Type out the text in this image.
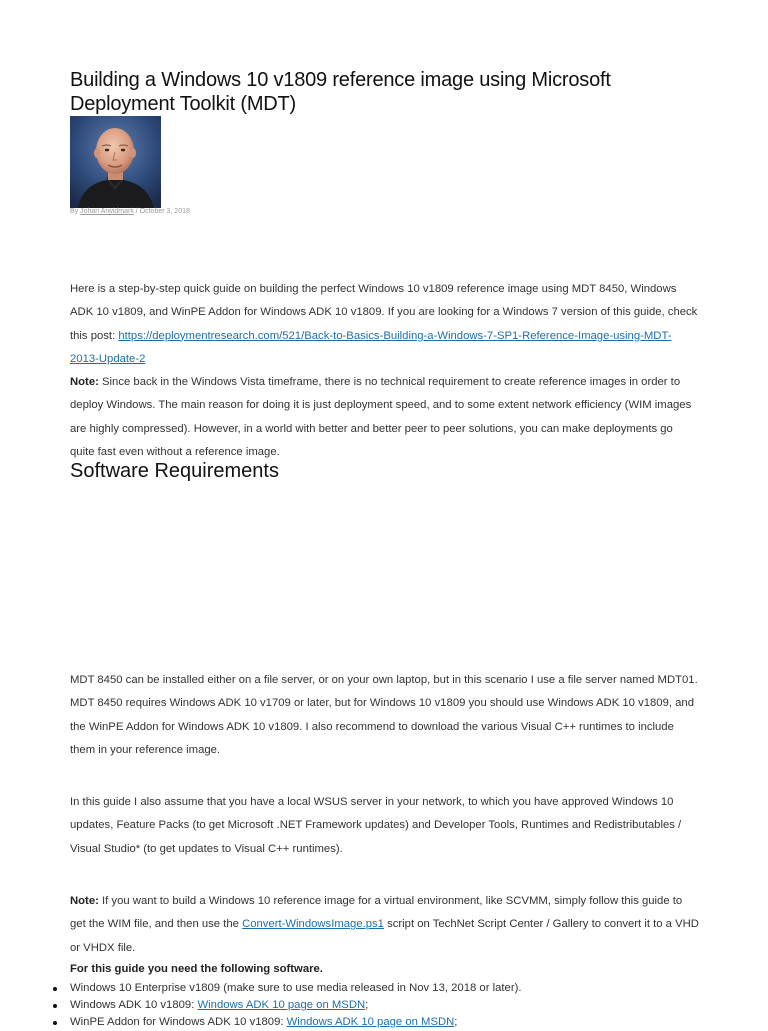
Building a Windows 10 v1809 reference image using Microsoft Deployment Toolkit (MDT)
By Johan Arwidmark / October 3, 2018

Here is a step-by-step quick guide on building the perfect Windows 10 v1809 reference image using MDT 8450, Windows ADK 10 v1809, and WinPE Addon for Windows ADK 10 v1809. If you are looking for a Windows 7 version of this guide, check this post: https://deploymentresearch.com/521/Back-to-Basics-Building-a-Windows-7-SP1-Reference-Image-using-MDT-2013-Update-2

Note: Since back in the Windows Vista timeframe, there is no technical requirement to create reference images in order to deploy Windows. The main reason for doing it is just deployment speed, and to some extent network efficiency (WIM images are highly compressed). However, in a world with better and better peer to peer solutions, you can make deployments go quite fast even without a reference image.

Software Requirements

MDT 8450 can be installed either on a file server, or on your own laptop, but in this scenario I use a file server named MDT01. MDT 8450 requires Windows ADK 10 v1709 or later, but for Windows 10 v1809 you should use Windows ADK 10 v1809, and the WinPE Addon for Windows ADK 10 v1809. I also recommend to download the various Visual C++ runtimes to include them in your reference image.

In this guide I also assume that you have a local WSUS server in your network, to which you have approved Windows 10 updates, Feature Packs (to get Microsoft .NET Framework updates) and Developer Tools, Runtimes and Redistributables / Visual Studio* (to get updates to Visual C++ runtimes).

Note: If you want to build a Windows 10 reference image for a virtual environment, like SCVMM, simply follow this guide to get the WIM file, and then use the Convert-WindowsImage.ps1 script on TechNet Script Center / Gallery to convert it to a VHD or VHDX file.

For this guide you need the following software.

Windows 10 Enterprise v1809 (make sure to use media released in Nov 13, 2018 or later).
Windows ADK 10 v1809: Windows ADK 10 page on MSDN;
WinPE Addon for Windows ADK 10 v1809: Windows ADK 10 page on MSDN;
